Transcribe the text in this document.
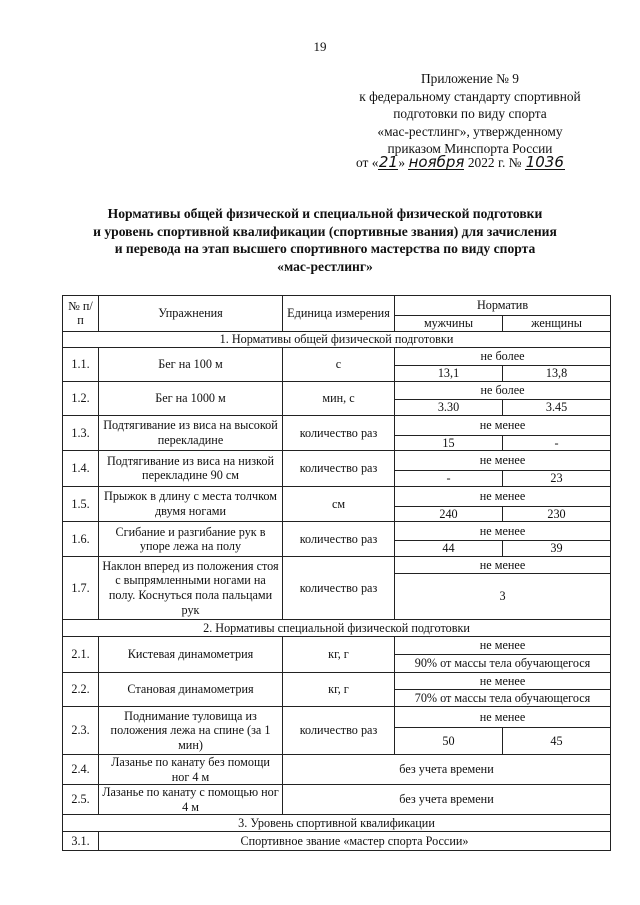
19
Приложение № 9
к федеральному стандарту спортивной
подготовки по виду спорта
«мас-рестлинг», утвержденному
приказом Минспорта России
от «21» ноября 2022 г. № 1036
Нормативы общей физической и специальной физической подготовки
и уровень спортивной квалификации (спортивные звания) для зачисления
и перевода на этап высшего спортивного мастерства по виду спорта
«мас-рестлинг»
№ п/п	Упражнения	Единица измерения	Норматив	
			мужчины	женщины
1. Нормативы общей физической подготовки				
1.1.	Бег на 100 м	с	не более	
			13,1	13,8
1.2.	Бег на 1000 м	мин, с	не более	
			3.30	3.45
1.3.	Подтягивание из виса на высокой перекладине	количество раз	не менее	
			15	-
1.4.	Подтягивание из виса на низкой перекладине 90 см	количество раз	не менее	
			-	23
1.5.	Прыжок в длину с места толчком двумя ногами	см	не менее	
			240	230
1.6.	Сгибание и разгибание рук в упоре лежа на полу	количество раз	не менее	
			44	39
1.7.	Наклон вперед из положения стоя с выпрямленными ногами на полу. Коснуться пола пальцами рук	количество раз	не менее	
			3	
2. Нормативы специальной физической подготовки				
2.1.	Кистевая динамометрия	кг, г	не менее	
			90% от массы тела обучающегося	
2.2.	Становая динамометрия	кг, г	не менее	
			70% от массы тела обучающегося	
2.3.	Поднимание туловища из положения лежа на спине (за 1 мин)	количество раз	не менее	
			50	45
2.4.	Лазанье по канату без помощи ног 4 м	без учета времени		
2.5.	Лазанье по канату с помощью ног 4 м	без учета времени		
3. Уровень спортивной квалификации				
3.1.	Спортивное звание «мастер спорта России»			
